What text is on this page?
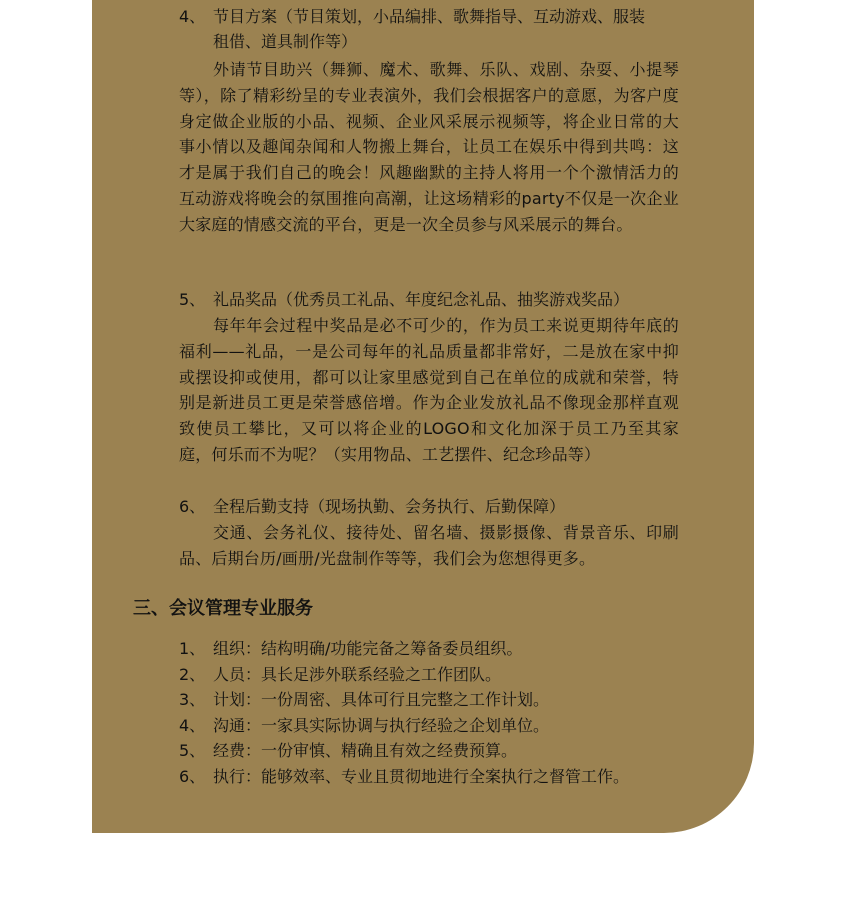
4、 节目方案（节目策划，小品编排、歌舞指导、互动游戏、服装
租借、道具制作等）
外请节目助兴（舞狮、魔术、歌舞、乐队、戏剧、杂耍、小提琴等），除了精彩纷呈的专业表演外，我们会根据客户的意愿，为客户度身定做企业版的小品、视频、企业风采展示视频等，将企业日常的大事小情以及趣闻杂闻和人物搬上舞台，让员工在娱乐中得到共鸣：这才是属于我们自己的晚会！风趣幽默的主持人将用一个个激情活力的互动游戏将晚会的氛围推向高潮，让这场精彩的party不仅是一次企业大家庭的情感交流的平台，更是一次全员参与风采展示的舞台。
5、 礼品奖品（优秀员工礼品、年度纪念礼品、抽奖游戏奖品）
每年年会过程中奖品是必不可少的，作为员工来说更期待年底的福利——礼品，一是公司每年的礼品质量都非常好，二是放在家中抑或摆设抑或使用，都可以让家里感觉到自己在单位的成就和荣誉，特别是新进员工更是荣誉感倍增。作为企业发放礼品不像现金那样直观致使员工攀比，又可以将企业的LOGO和文化加深于员工乃至其家庭，何乐而不为呢？（实用物品、工艺摆件、纪念珍品等）
6、 全程后勤支持（现场执勤、会务执行、后勤保障）
交通、会务礼仪、接待处、留名墙、摄影摄像、背景音乐、印刷品、后期台历/画册/光盘制作等等，我们会为您想得更多。
三、会议管理专业服务
1、 组织：结构明确/功能完备之筹备委员组织。
2、 人员：具长足涉外联系经验之工作团队。
3、 计划：一份周密、具体可行且完整之工作计划。
4、 沟通：一家具实际协调与执行经验之企划单位。
5、 经费：一份审慎、精确且有效之经费预算。
6、 执行：能够效率、专业且贯彻地进行全案执行之督管工作。
